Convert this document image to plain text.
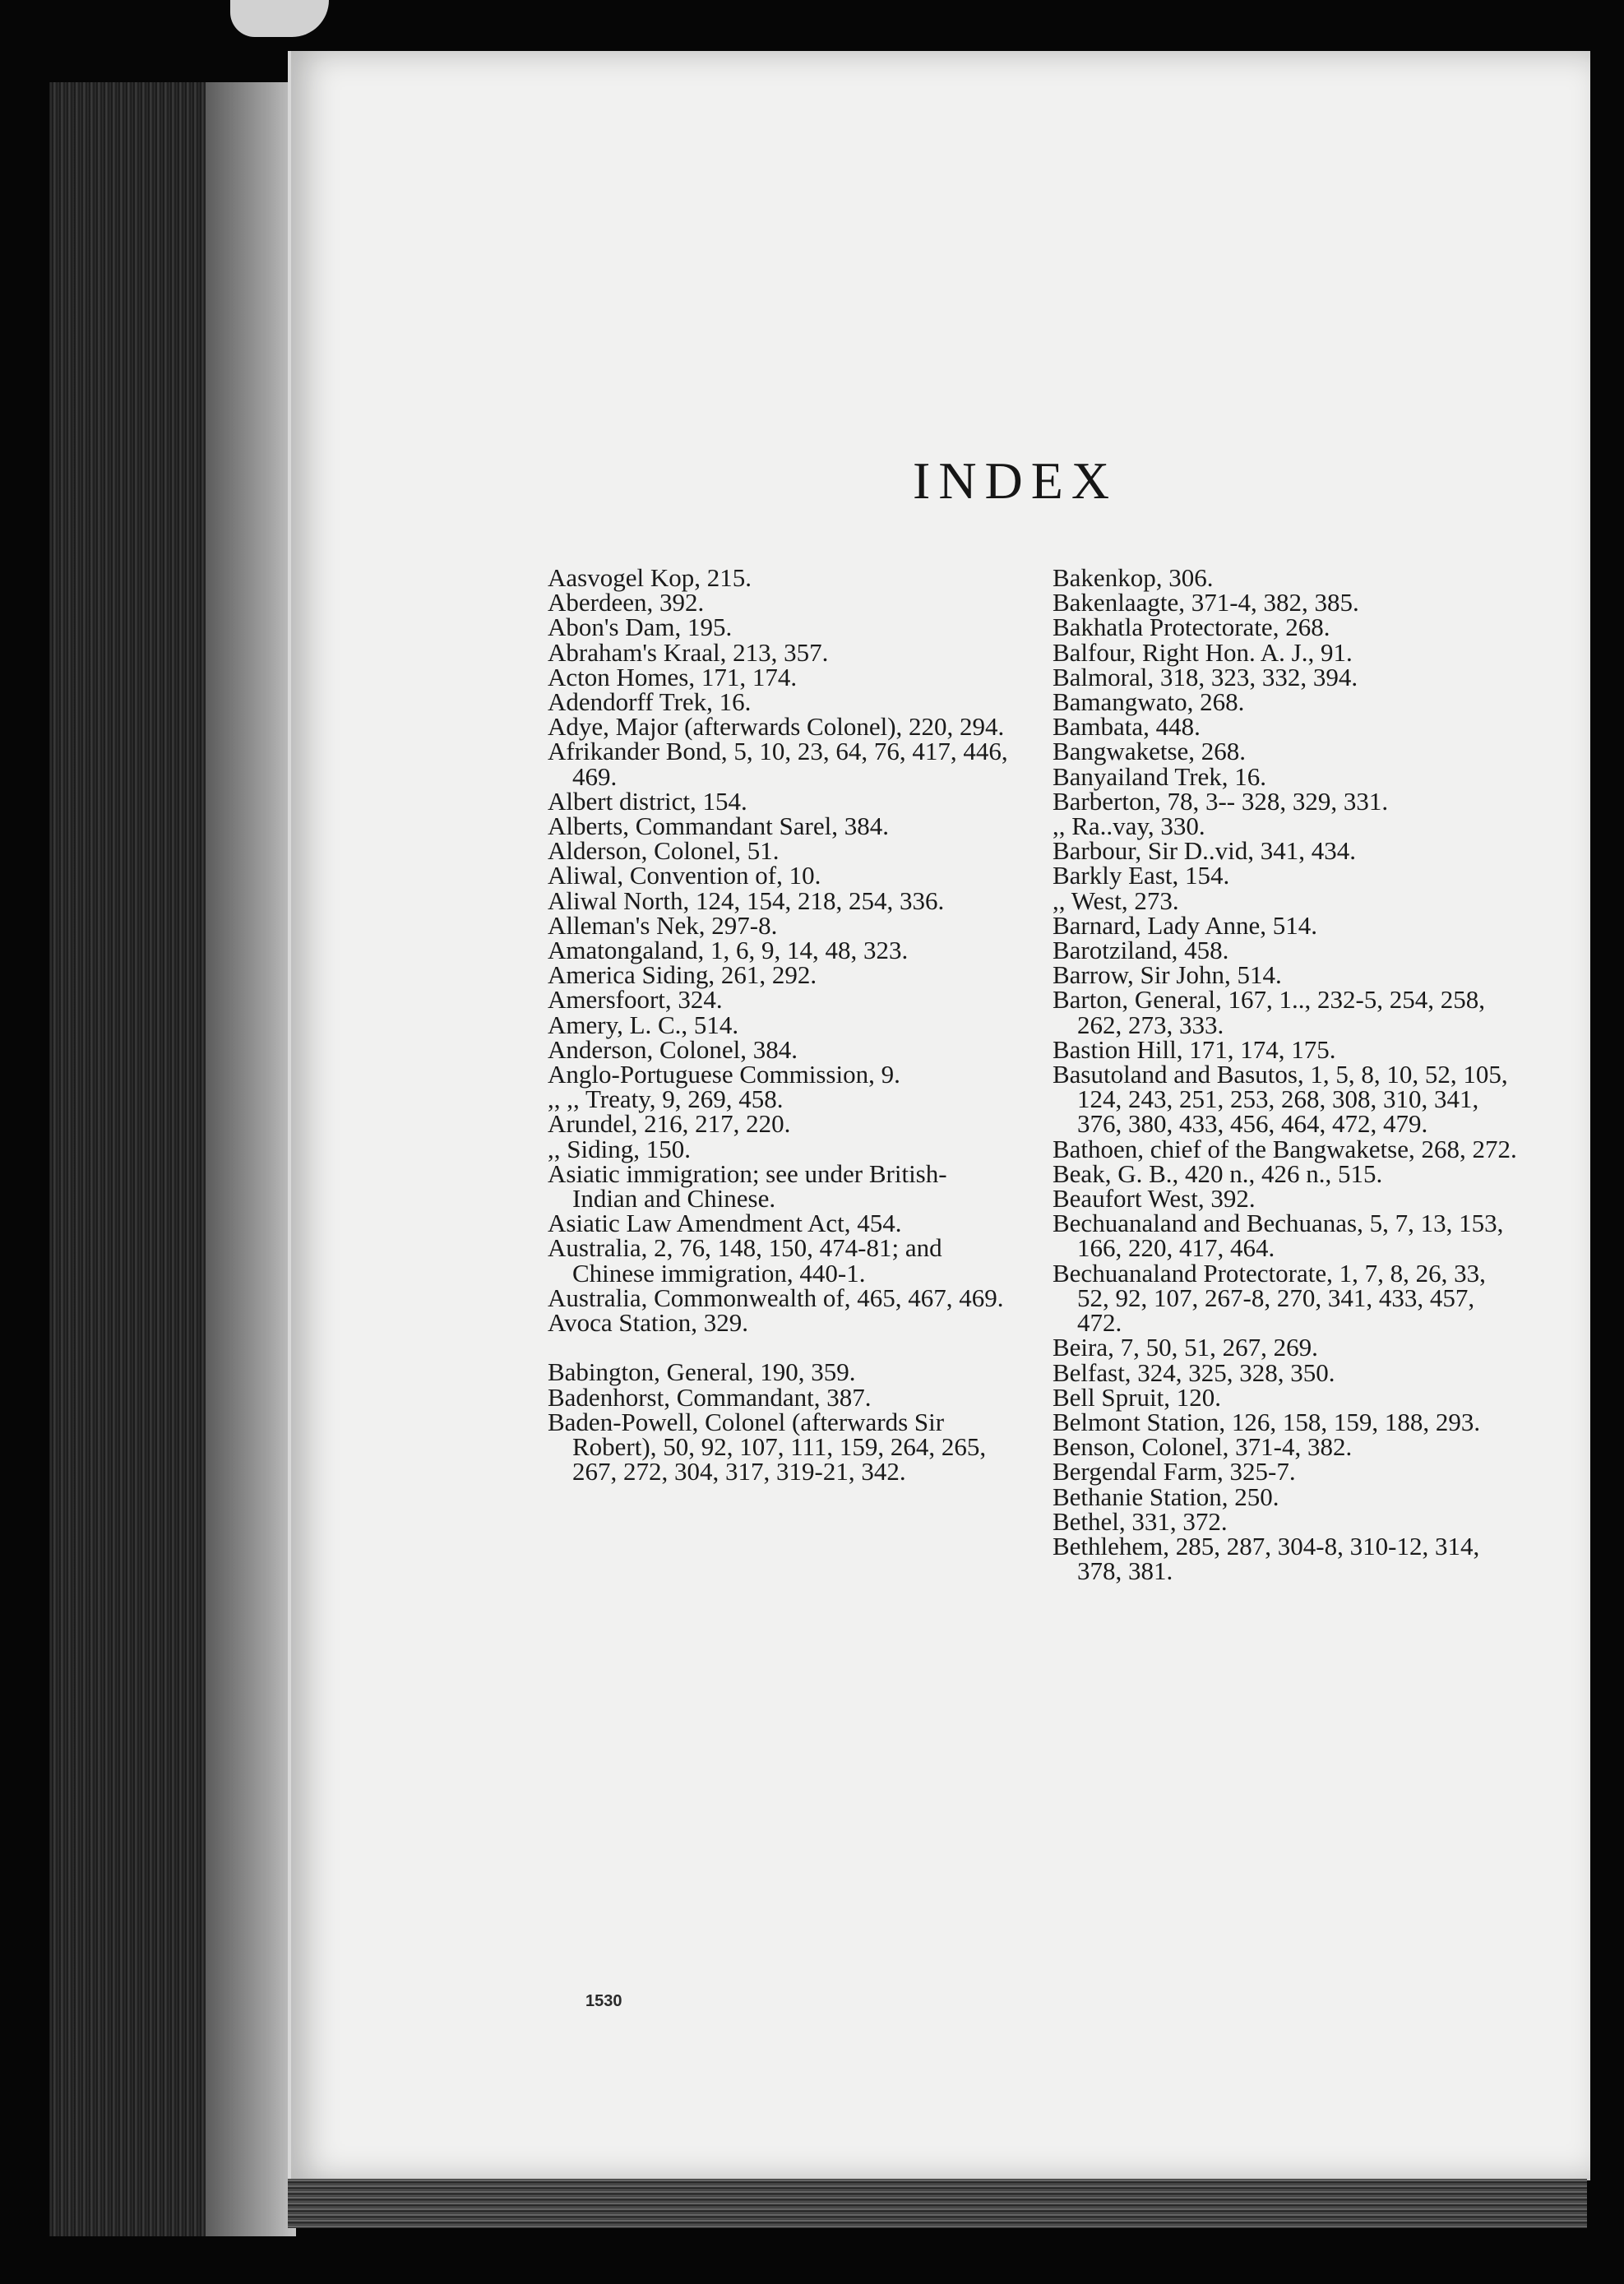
INDEX
Aasvogel Kop, 215.
Aberdeen, 392.
Abon's Dam, 195.
Abraham's Kraal, 213, 357.
Acton Homes, 171, 174.
Adendorff Trek, 16.
Adye, Major (afterwards Colonel), 220, 294.
Afrikander Bond, 5, 10, 23, 64, 76, 417, 446, 469.
Albert district, 154.
Alberts, Commandant Sarel, 384.
Alderson, Colonel, 51.
Aliwal, Convention of, 10.
Aliwal North, 124, 154, 218, 254, 336.
Alleman's Nek, 297-8.
Amatongaland, 1, 6, 9, 14, 48, 323.
America Siding, 261, 292.
Amersfoort, 324.
Amery, L. C., 514.
Anderson, Colonel, 384.
Anglo-Portuguese Commission, 9.
,, ,, Treaty, 9, 269, 458.
Arundel, 216, 217, 220.
,, Siding, 150.
Asiatic immigration; see under British-Indian and Chinese.
Asiatic Law Amendment Act, 454.
Australia, 2, 76, 148, 150, 474-81; and Chinese immigration, 440-1.
Australia, Commonwealth of, 465, 467, 469.
Avoca Station, 329.
Babington, General, 190, 359.
Badenhorst, Commandant, 387.
Baden-Powell, Colonel (afterwards Sir Robert), 50, 92, 107, 111, 159, 264, 265, 267, 272, 304, 317, 319-21, 342.
Bakenkop, 306.
Bakenlaagte, 371-4, 382, 385.
Bakhatla Protectorate, 268.
Balfour, Right Hon. A. J., 91.
Balmoral, 318, 323, 332, 394.
Bamangwato, 268.
Bambata, 448.
Bangwaketse, 268.
Banyailand Trek, 16.
Barberton, 78, 3-- 328, 329, 331.
,, Ra..vay, 330.
Barbour, Sir D..vid, 341, 434.
Barkly East, 154.
,, West, 273.
Barnard, Lady Anne, 514.
Barotziland, 458.
Barrow, Sir John, 514.
Barton, General, 167, 1.., 232-5, 254, 258, 262, 273, 333.
Bastion Hill, 171, 174, 175.
Basutoland and Basutos, 1, 5, 8, 10, 52, 105, 124, 243, 251, 253, 268, 308, 310, 341, 376, 380, 433, 456, 464, 472, 479.
Bathoen, chief of the Bangwaketse, 268, 272.
Beak, G. B., 420 n., 426 n., 515.
Beaufort West, 392.
Bechuanaland and Bechuanas, 5, 7, 13, 153, 166, 220, 417, 464.
Bechuanaland Protectorate, 1, 7, 8, 26, 33, 52, 92, 107, 267-8, 270, 341, 433, 457, 472.
Beira, 7, 50, 51, 267, 269.
Belfast, 324, 325, 328, 350.
Bell Spruit, 120.
Belmont Station, 126, 158, 159, 188, 293.
Benson, Colonel, 371-4, 382.
Bergendal Farm, 325-7.
Bethanie Station, 250.
Bethel, 331, 372.
Bethlehem, 285, 287, 304-8, 310-12, 314, 378, 381.
1530
